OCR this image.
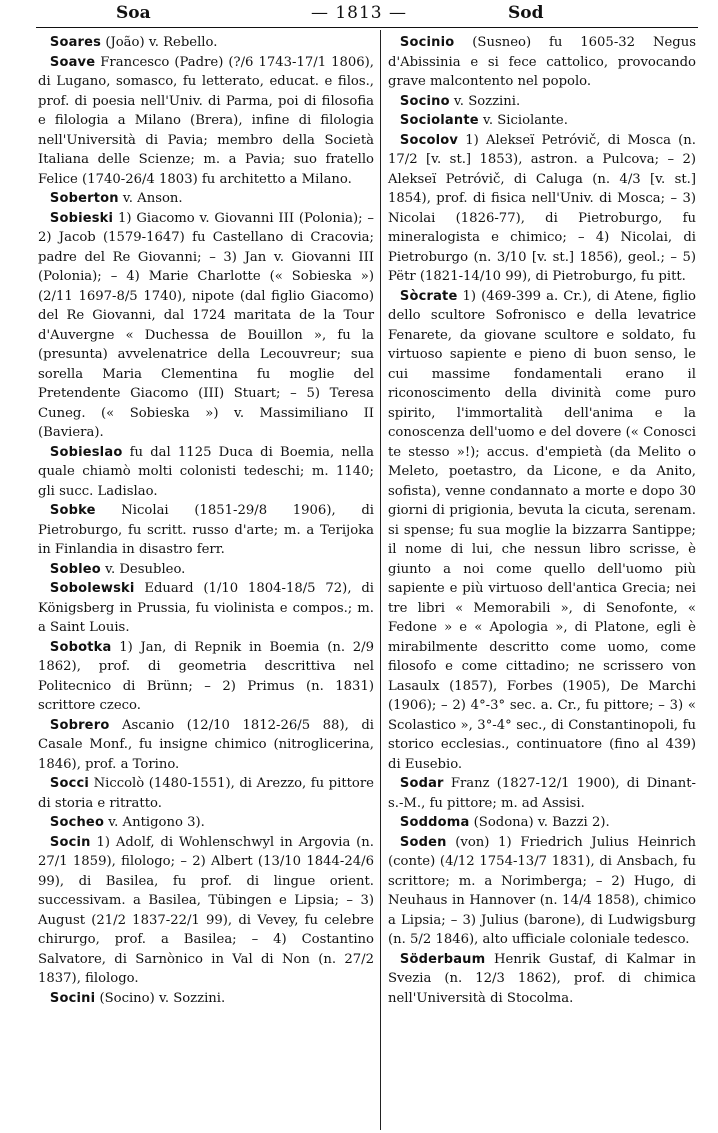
Soa	— 1813 —	Sod

Soares (João) v. Rebello.

Soave Francesco (Padre) (?/6 1743-17/1 1806), di Lugano, somasco, fu letterato, educat. e filos., prof. di poesia nell'Univ. di Parma, poi di filosofia e filologia a Milano (Brera), infine di filologia nell'Università di Pavia; membro della Società Italiana delle Scienze; m. a Pavia; suo fratello Felice (1740-26/4 1803) fu architetto a Milano.

Soberton v. Anson.

Sobieski 1) Giacomo v. Giovanni III (Polonia); – 2) Jacob (1579-1647) fu Castellano di Cracovia; padre del Re Giovanni; – 3) Jan v. Giovanni III (Polonia); – 4) Marie Charlotte (« Sobieska ») (2/11 1697-8/5 1740), nipote (dal figlio Giacomo) del Re Giovanni, dal 1724 maritata de la Tour d'Auvergne « Duchessa de Bouillon », fu la (presunta) avvelenatrice della Lecouvreur; sua sorella Maria Clementina fu moglie del Pretendente Giacomo (III) Stuart; – 5) Teresa Cuneg. (« Sobieska ») v. Massimiliano II (Baviera).

Sobieslao fu dal 1125 Duca di Boemia, nella quale chiamò molti colonisti tedeschi; m. 1140; gli succ. Ladislao.

Sobke Nicolai (1851-29/8 1906), di Pietroburgo, fu scritt. russo d'arte; m. a Terijoka in Finlandia in disastro ferr.

Sobleo v. Desubleo.

Sobolewski Eduard (1/10 1804-18/5 72), di Königsberg in Prussia, fu violinista e compos.; m. a Saint Louis.

Sobotka 1) Jan, di Repnik in Boemia (n. 2/9 1862), prof. di geometria descrittiva nel Politecnico di Brünn; – 2) Primus (n. 1831) scrittore czeco.

Sobrero Ascanio (12/10 1812-26/5 88), di Casale Monf., fu insigne chimico (nitroglicerina, 1846), prof. a Torino.

Socci Niccolò (1480-1551), di Arezzo, fu pittore di storia e ritratto.

Socheo v. Antigono 3).

Socin 1) Adolf, di Wohlenschwyl in Argovia (n. 27/1 1859), filologo; – 2) Albert (13/10 1844-24/6 99), di Basilea, fu prof. di lingue orient. successivam. a Basilea, Tübingen e Lipsia; – 3) August (21/2 1837-22/1 99), di Vevey, fu celebre chirurgo, prof. a Basilea; – 4) Costantino Salvatore, di Sarnònico in Val di Non (n. 27/2 1837), filologo.

Socini (Socino) v. Sozzini.

Socinio (Susneo) fu 1605-32 Negus d'Abissinia e si fece cattolico, provocando grave malcontento nel popolo.

Socino v. Sozzini.

Sociolante v. Siciolante.

Socolov 1) Alekseï Petróvič, di Mosca (n. 17/2 [v. st.] 1853), astron. a Pulcova; – 2) Alekseï Petróvič, di Caluga (n. 4/3 [v. st.] 1854), prof. di fisica nell'Univ. di Mosca; – 3) Nicolai (1826-77), di Pietroburgo, fu mineralogista e chimico; – 4) Nicolai, di Pietroburgo (n. 3/10 [v. st.] 1856), geol.; – 5) Pëtr (1821-14/10 99), di Pietroburgo, fu pitt.

Sòcrate 1) (469-399 a. Cr.), di Atene, figlio dello scultore Sofronisco e della levatrice Fenarete, da giovane scultore e soldato, fu virtuoso sapiente e pieno di buon senso, le cui massime fondamentali erano il riconoscimento della divinità come puro spirito, l'immortalità dell'anima e la conoscenza dell'uomo e del dovere (« Conosci te stesso »!); accus. d'empietà (da Melito o Meleto, poetastro, da Licone, e da Anito, sofista), venne condannato a morte e dopo 30 giorni di prigionia, bevuta la cicuta, serenam. si spense; fu sua moglie la bizzarra Santippe; il nome di lui, che nessun libro scrisse, è giunto a noi come quello dell'uomo più sapiente e più virtuoso dell'antica Grecia; nei tre libri « Memorabili », di Senofonte, « Fedone » e « Apologia », di Platone, egli è mirabilmente descritto come uomo, come filosofo e come cittadino; ne scrissero von Lasaulx (1857), Forbes (1905), De Marchi (1906); – 2) 4°-3° sec. a. Cr., fu pittore; – 3) « Scolastico », 3°-4° sec., di Constantinopoli, fu storico ecclesias., continuatore (fino al 439) di Eusebio.

Sodar Franz (1827-12/1 1900), di Dinant-s.-M., fu pittore; m. ad Assisi.

Soddoma (Sodona) v. Bazzi 2).

Soden (von) 1) Friedrich Julius Heinrich (conte) (4/12 1754-13/7 1831), di Ansbach, fu scrittore; m. a Norimberga; – 2) Hugo, di Neuhaus in Hannover (n. 14/4 1858), chimico a Lipsia; – 3) Julius (barone), di Ludwigsburg (n. 5/2 1846), alto ufficiale coloniale tedesco.

Söderbaum Henrik Gustaf, di Kalmar in Svezia (n. 12/3 1862), prof. di chimica nell'Università di Stocolma.
